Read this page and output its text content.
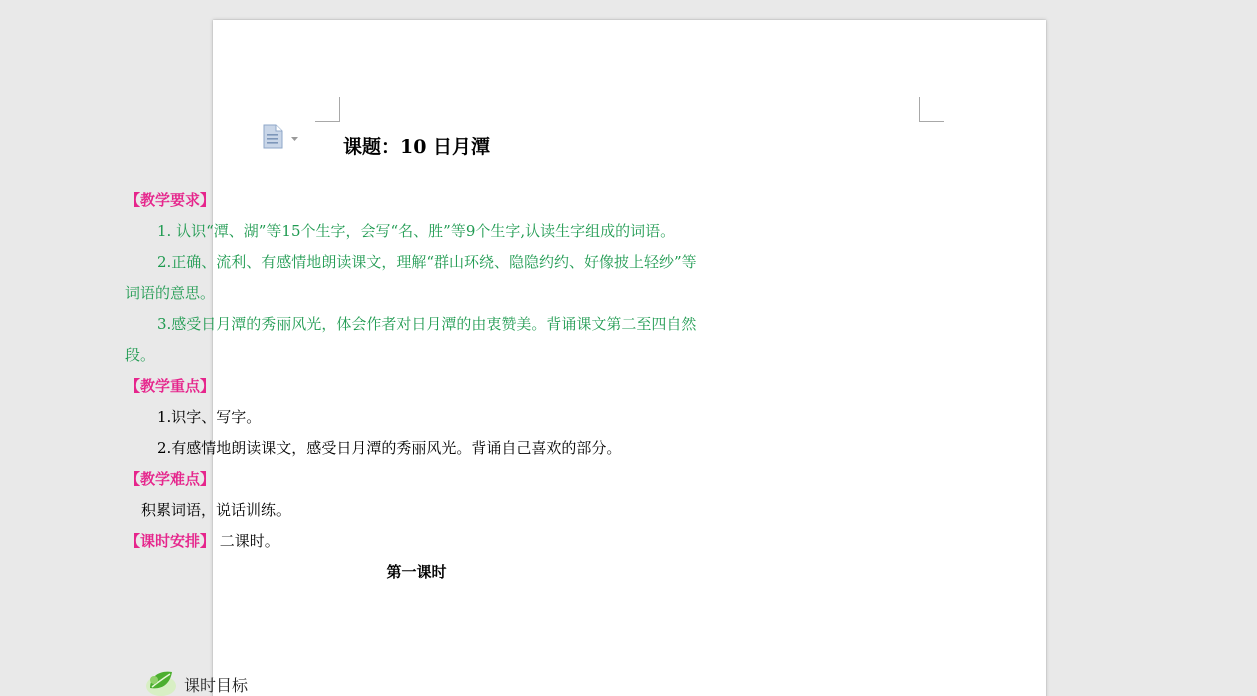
课题：10 日月潭

【教学要求】

1. 认识“潭、湖”等15个生字，会写“名、胜”等9个生字,认读生字组成的词语。

2.正确、流利、有感情地朗读课文，理解“群山环绕、隐隐约约、好像披上轻纱”等词语的意思。

3.感受日月潭的秀丽风光，体会作者对日月潭的由衷赞美。背诵课文第二至四自然段。

【教学重点】

1.识字、写字。

2.有感情地朗读课文，感受日月潭的秀丽风光。背诵自己喜欢的部分。

【教学难点】

积累词语，说话训练。

【课时安排】 二课时。

第一课时

课时目标
